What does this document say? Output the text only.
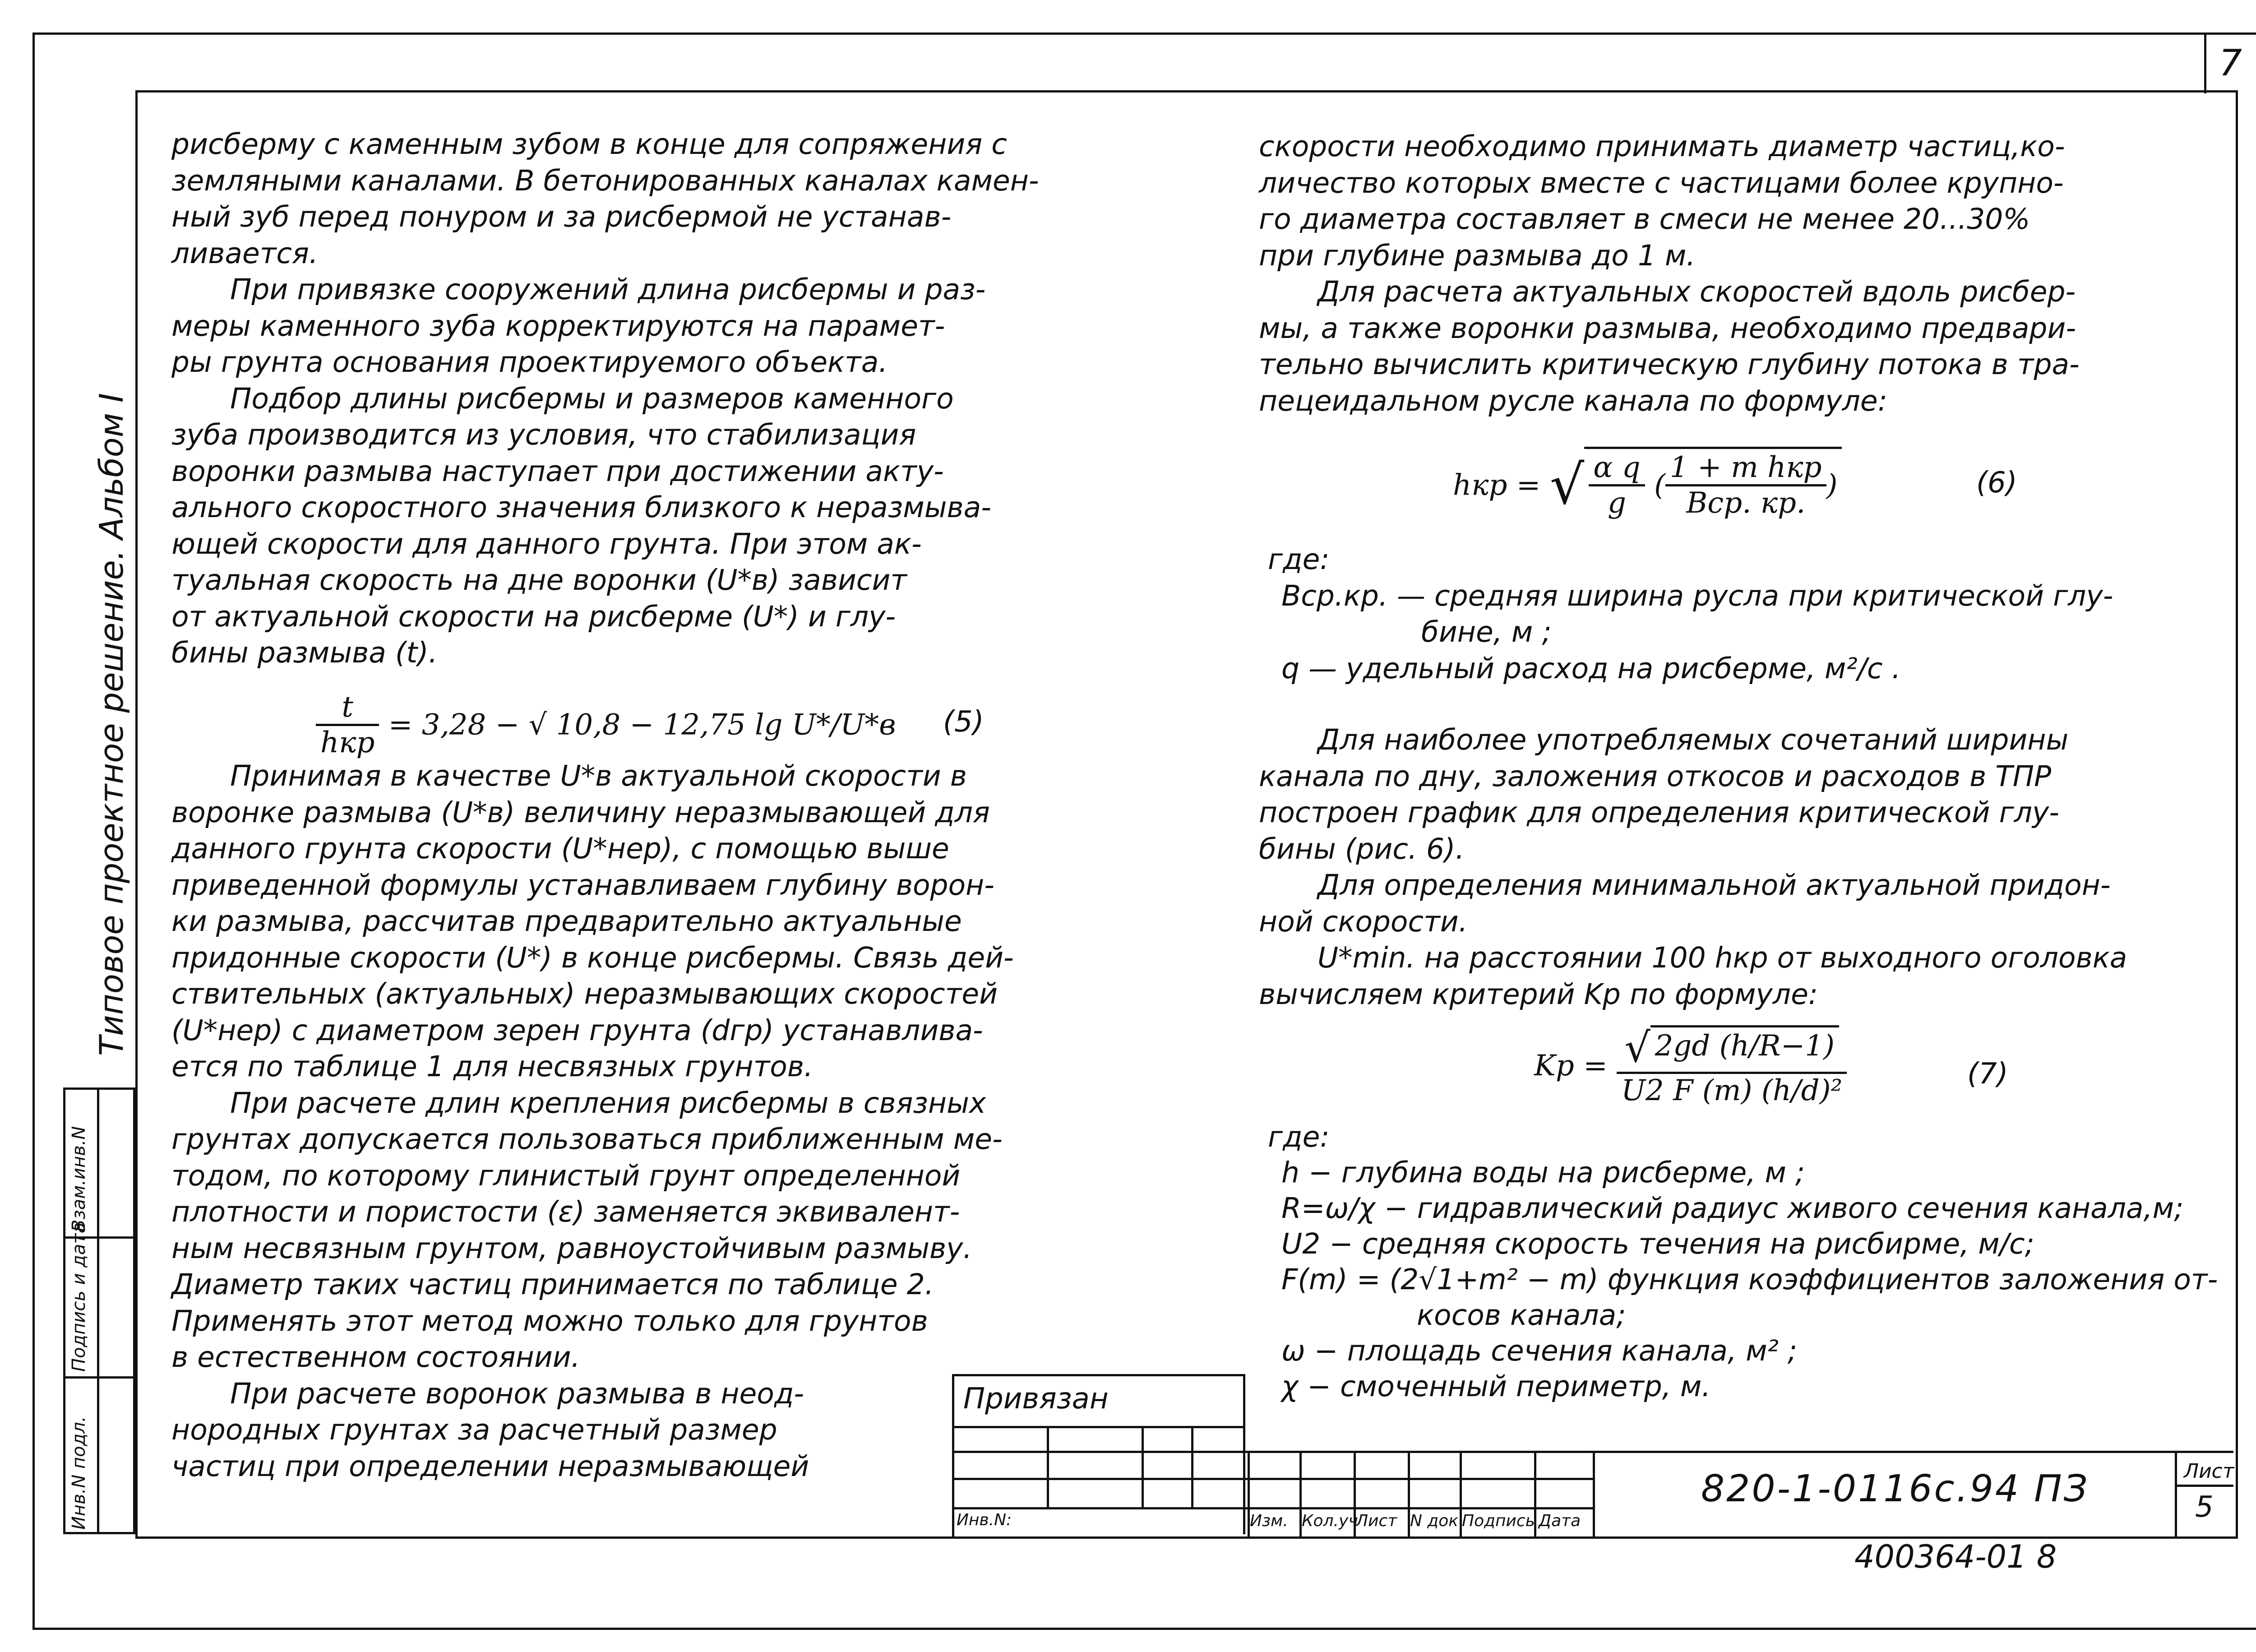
7
Типовое проектное решение. Альбом I
Инв.N подл.
Подпись и дата
Взам.инв.N

рисберму с каменным зубом в конце для сопряжения с

земляными каналами. В бетонированных каналах камен-

ный зуб перед понуром и за рисбермой не устанав-

ливается.

При привязке сооружений длина рисбермы и раз-

меры каменного зуба корректируются на парамет-

ры грунта основания проектируемого объекта.

Подбор длины рисбермы и размеров каменного

зуба производится из условия, что стабилизация

воронки размыва наступает при достижении акту-

ального скоростного значения близкого к неразмыва-

ющей скорости для данного грунта. При этом ак-

туальная скорость на дне воронки (U*в) зависит

от актуальной скорости на рисберме (U*) и глу-

бины размыва (t).

$\frac{t}{\text{hкр}} = 3,28$ − √ 10,8 − 12,75 lg U*/U*в (5)

Принимая в качестве U*в актуальной скорости в

воронке размыва (U*в) величину неразмывающей для

данного грунта скорости (U*нер), с помощью выше

приведенной формулы устанавливаем глубину ворон-

ки размыва, рассчитав предварительно актуальные

придонные скорости (U*) в конце рисбермы. Связь дей-

ствительных (актуальных) неразмывающих скоростей

(U*нер) с диаметром зерен грунта (dгр) устанавлива-

ется по таблице 1 для несвязных грунтов.

При расчете длин крепления рисбермы в связных

грунтах допускается пользоваться приближенным ме-

тодом, по которому глинистый грунт определенной

плотности и пористости (ε) заменяется эквивалент-

ным несвязным грунтом, равноустойчивым размыву.

Диаметр таких частиц принимается по таблице 2.

Применять этот метод можно только для грунтов

в естественном состоянии.

При расчете воронок размыва в неод-

нородных грунтах за расчетный размер

частиц при определении неразмывающей

скорости необходимо принимать диаметр частиц,ко-

личество которых вместе с частицами более крупно-

го диаметра составляет в смеси не менее 20...30%

при глубине размыва до 1 м.

Для расчета актуальных скоростей вдоль рисбер-

мы, а также воронки размыва, необходимо предвари-

тельно вычислить критическую глубину потока в тра-

пецеидальном русле канала по формуле:

hкр = √ $\frac{\text{α q}}{g}$ ( $\frac{\text{1 + m hкр}}{\text{Bср. кр.}}$ )	(6)

где:

Bср.кр. — средняя ширина русла при критической глу-

бине, м ;

q — удельный расход на рисберме, м²/с .

Для наиболее употребляемых сочетаний ширины

канала по дну, заложения откосов и расходов в ТПР

построен график для определения критической глу-

бины (рис. 6).

Для определения минимальной актуальной придон-

ной скорости.

U*min. на расстоянии 100 hкр от выходного оголовка

вычисляем критерий Kр по формуле:

Kр = $\frac{√ 2gd (h/R-1)}{\text{U2 F (m) (h/d)²}}$	(7)

где:

h − глубина воды на рисберме, м ;

R=ω/χ − гидравлический радиус живого сечения канала,м;

U2 − средняя скорость течения на рисбирме, м/с;

F(m) = (2√1+m² − m) функция коэффициентов заложения от-

косов канала;

ω − площадь сечения канала, м² ;

χ − смоченный периметр, м.

Привязан
Инв.N:	Изм. Кол.уч
Лист N док Подпись Дата
820-1-0116с.94 ПЗ	Лист
5
400364-01 8
